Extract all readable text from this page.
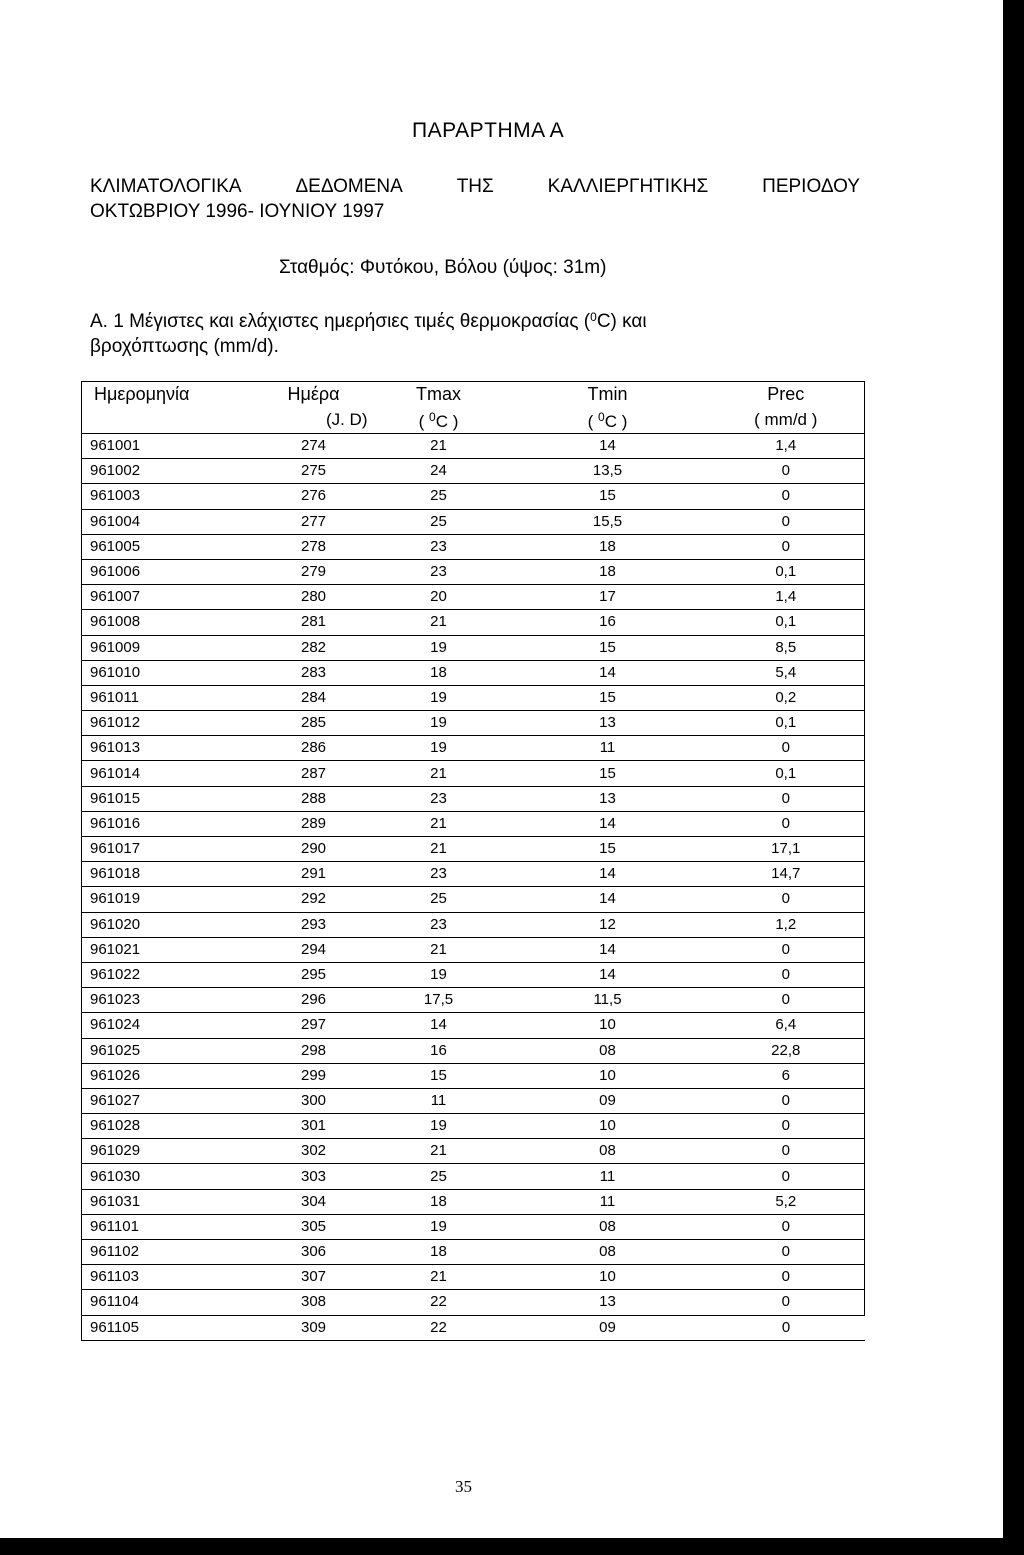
ΠΑΡΑΡΤΗΜΑ Α
ΚΛΙΜΑΤΟΛΟΓΙΚΑ	ΔΕΔΟΜΕΝΑ	ΤΗΣ	ΚΑΛΛΙΕΡΓΗΤΙΚΗΣ	ΠΕΡΙΟΔΟΥ
ΟΚΤΩΒΡΙΟΥ 1996- ΙΟΥΝΙΟΥ 1997
Σταθμός: Φυτόκου, Βόλου (ύψος: 31m)
Α. 1 Μέγιστες και ελάχιστες ημερήσιες τιμές θερμοκρασίας ($^0$C) και
βροχόπτωσης (mm/d).
Ημερομηνία	Ημέρα	Tmax	Tmin	Prec
	(J. D)	( $^0$C )	( $^0$C )	( mm/d )
961001	274	21	14	1,4
961002	275	24	13,5	0
961003	276	25	15	0
961004	277	25	15,5	0
961005	278	23	18	0
961006	279	23	18	0,1
961007	280	20	17	1,4
961008	281	21	16	0,1
961009	282	19	15	8,5
961010	283	18	14	5,4
961011	284	19	15	0,2
961012	285	19	13	0,1
961013	286	19	11	0
961014	287	21	15	0,1
961015	288	23	13	0
961016	289	21	14	0
961017	290	21	15	17,1
961018	291	23	14	14,7
961019	292	25	14	0
961020	293	23	12	1,2
961021	294	21	14	0
961022	295	19	14	0
961023	296	17,5	11,5	0
961024	297	14	10	6,4
961025	298	16	08	22,8
961026	299	15	10	6
961027	300	11	09	0
961028	301	19	10	0
961029	302	21	08	0
961030	303	25	11	0
961031	304	18	11	5,2
961101	305	19	08	0
961102	306	18	08	0
961103	307	21	10	0
961104	308	22	13	0
961105	309	22	09	0
35
